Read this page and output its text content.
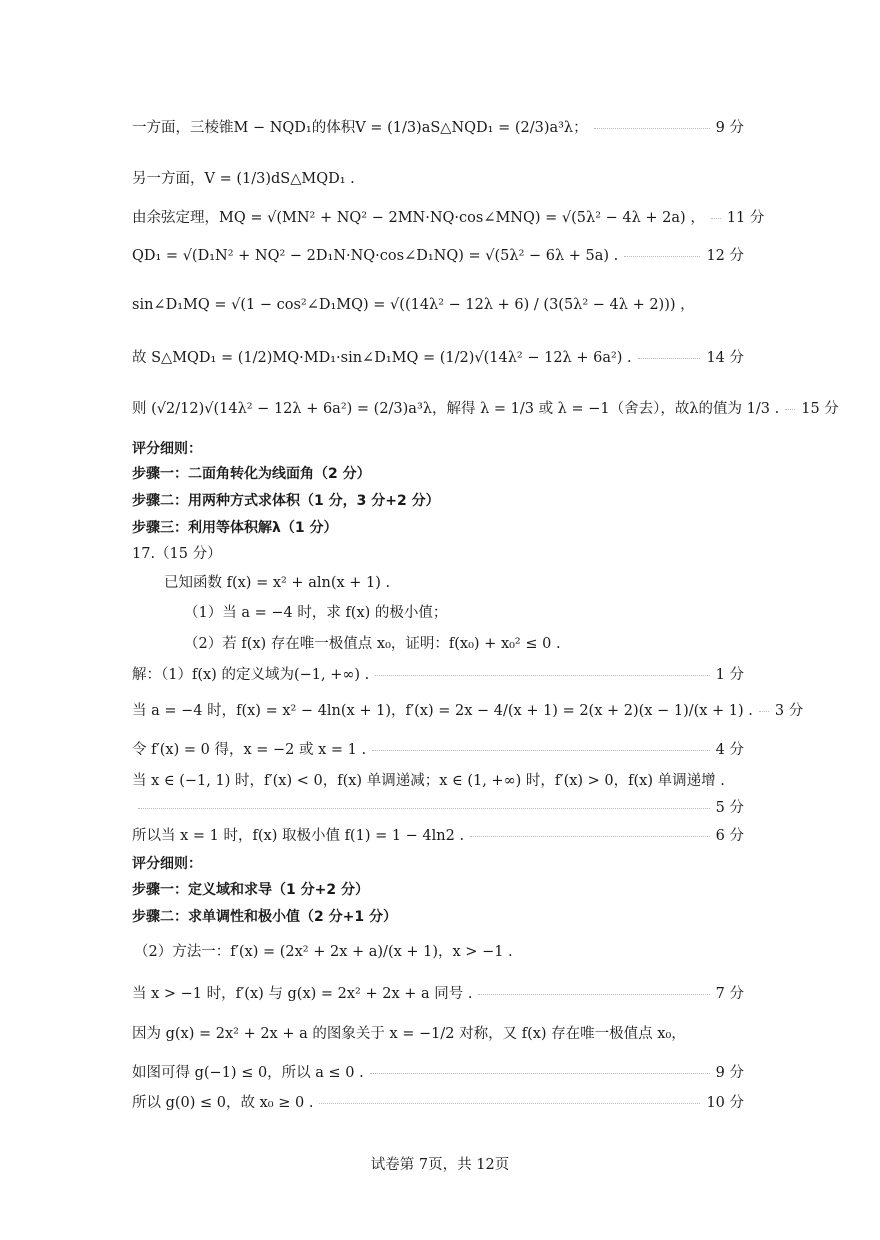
一方面，三棱锥M − NQD₁的体积V = (1/3)aS△NQD₁ = (2/3)a³λ；	9 分
另一方面，V = (1/3)dS△MQD₁ .
由余弦定理，MQ = √(MN² + NQ² − 2MN·NQ·cos∠MNQ) = √(5λ² − 4λ + 2a) ， 11 分
QD₁ = √(D₁N² + NQ² − 2D₁N·NQ·cos∠D₁NQ) = √(5λ² − 6λ + 5a) .	12 分
sin∠D₁MQ = √(1 − cos²∠D₁MQ) = √((14λ² − 12λ + 6) / (3(5λ² − 4λ + 2))) ，
故 S△MQD₁ = (1/2)MQ·MD₁·sin∠D₁MQ = (1/2)√(14λ² − 12λ + 6a²) .	14 分
则 (√2/12)√(14λ² − 12λ + 6a²) = (2/3)a³λ，解得 λ = 1/3 或 λ = −1（舍去），故λ的值为 1/3 . 15 分
评分细则：
步骤一：二面角转化为线面角（2 分）
步骤二：用两种方式求体积（1 分，3 分+2 分）
步骤三：利用等体积解λ（1 分）
17.（15 分）
已知函数 f(x) = x² + aln(x + 1) .
（1）当 a = −4 时，求 f(x) 的极小值；
（2）若 f(x) 存在唯一极值点 x₀，证明：f(x₀) + x₀² ≤ 0 .
解：（1）f(x) 的定义域为(−1, +∞) .	1 分
当 a = −4 时，f(x) = x² − 4ln(x + 1)，f′(x) = 2x − 4/(x + 1) = 2(x + 2)(x − 1)/(x + 1) . 3 分
令 f′(x) = 0 得，x = −2 或 x = 1 .	4 分
当 x ∈ (−1, 1) 时，f′(x) < 0，f(x) 单调递减；x ∈ (1, +∞) 时，f′(x) > 0，f(x) 单调递增 .
5 分
所以当 x = 1 时，f(x) 取极小值 f(1) = 1 − 4ln2 .	6 分
评分细则：
步骤一：定义域和求导（1 分+2 分）
步骤二：求单调性和极小值（2 分+1 分）
（2）方法一：f′(x) = (2x² + 2x + a)/(x + 1)，x > −1 .
当 x > −1 时，f′(x) 与 g(x) = 2x² + 2x + a 同号 .	7 分
因为 g(x) = 2x² + 2x + a 的图象关于 x = −1/2 对称，又 f(x) 存在唯一极值点 x₀，
如图可得 g(−1) ≤ 0，所以 a ≤ 0 .	9 分
所以 g(0) ≤ 0，故 x₀ ≥ 0 .	10 分
试卷第 7页，共 12页
